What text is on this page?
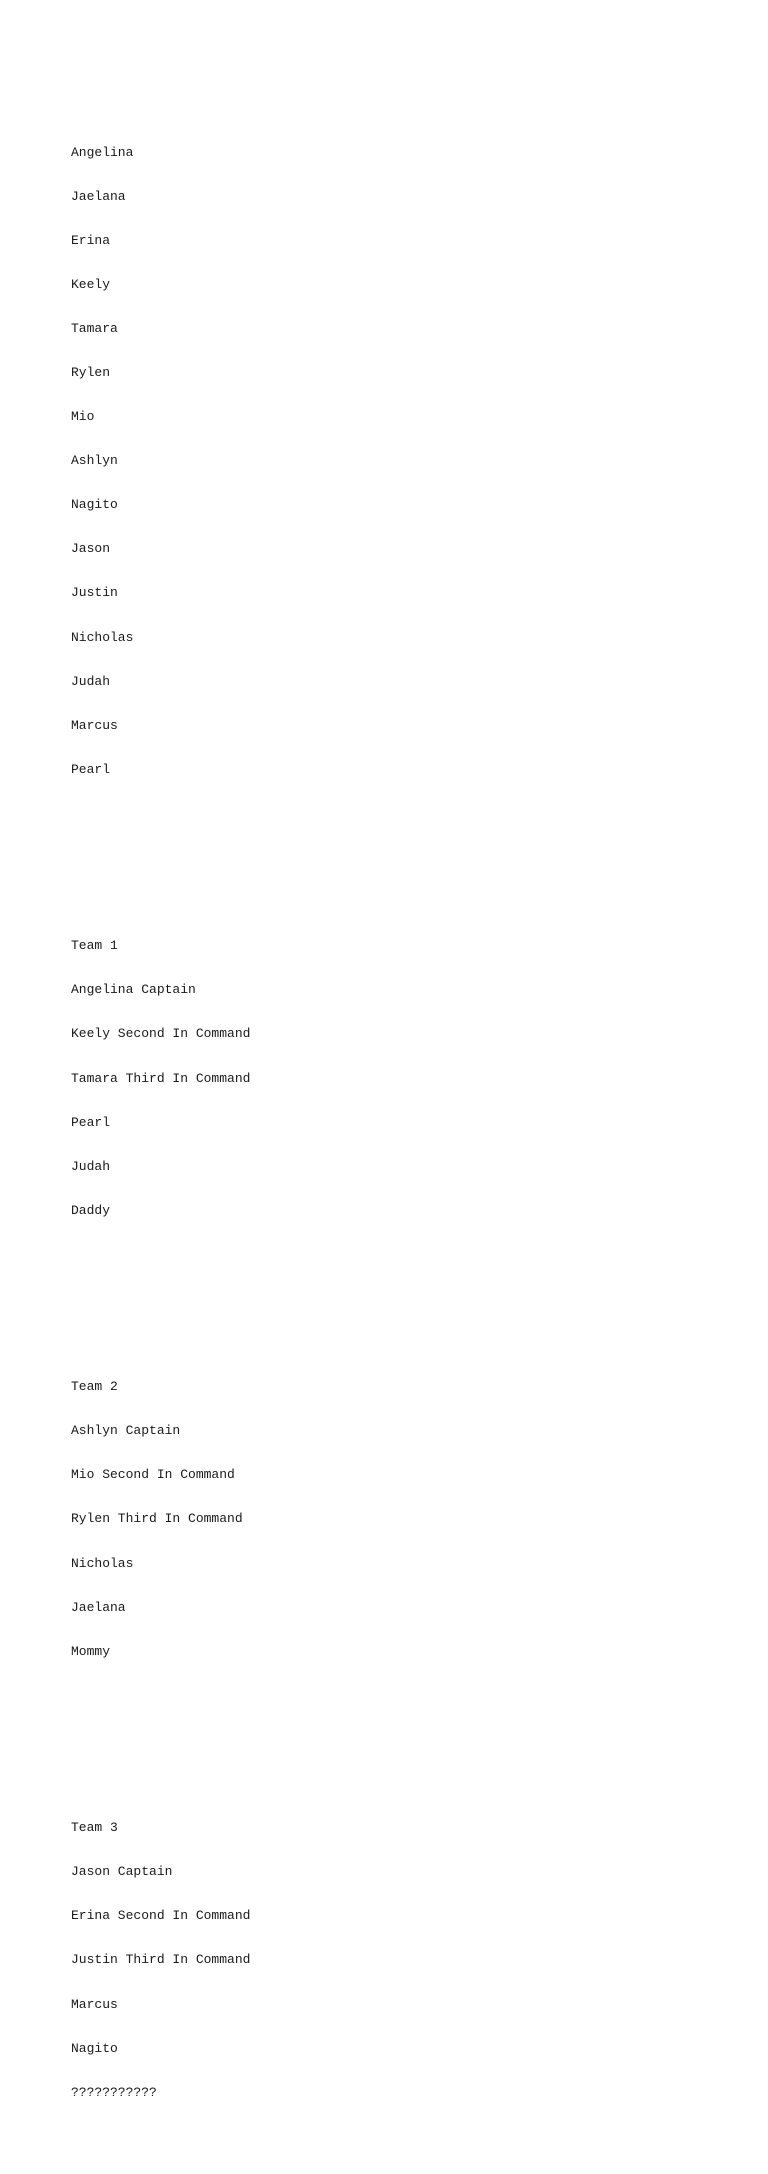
Angelina

Jaelana

Erina

Keely

Tamara

Rylen

Mio

Ashlyn

Nagito

Jason

Justin

Nicholas

Judah

Marcus

Pearl

Team 1

Angelina Captain

Keely Second In Command

Tamara Third In Command

Pearl

Judah

Daddy

Team 2

Ashlyn Captain

Mio Second In Command

Rylen Third In Command

Nicholas

Jaelana

Mommy

Team 3

Jason Captain

Erina Second In Command

Justin Third In Command

Marcus

Nagito

???????????
